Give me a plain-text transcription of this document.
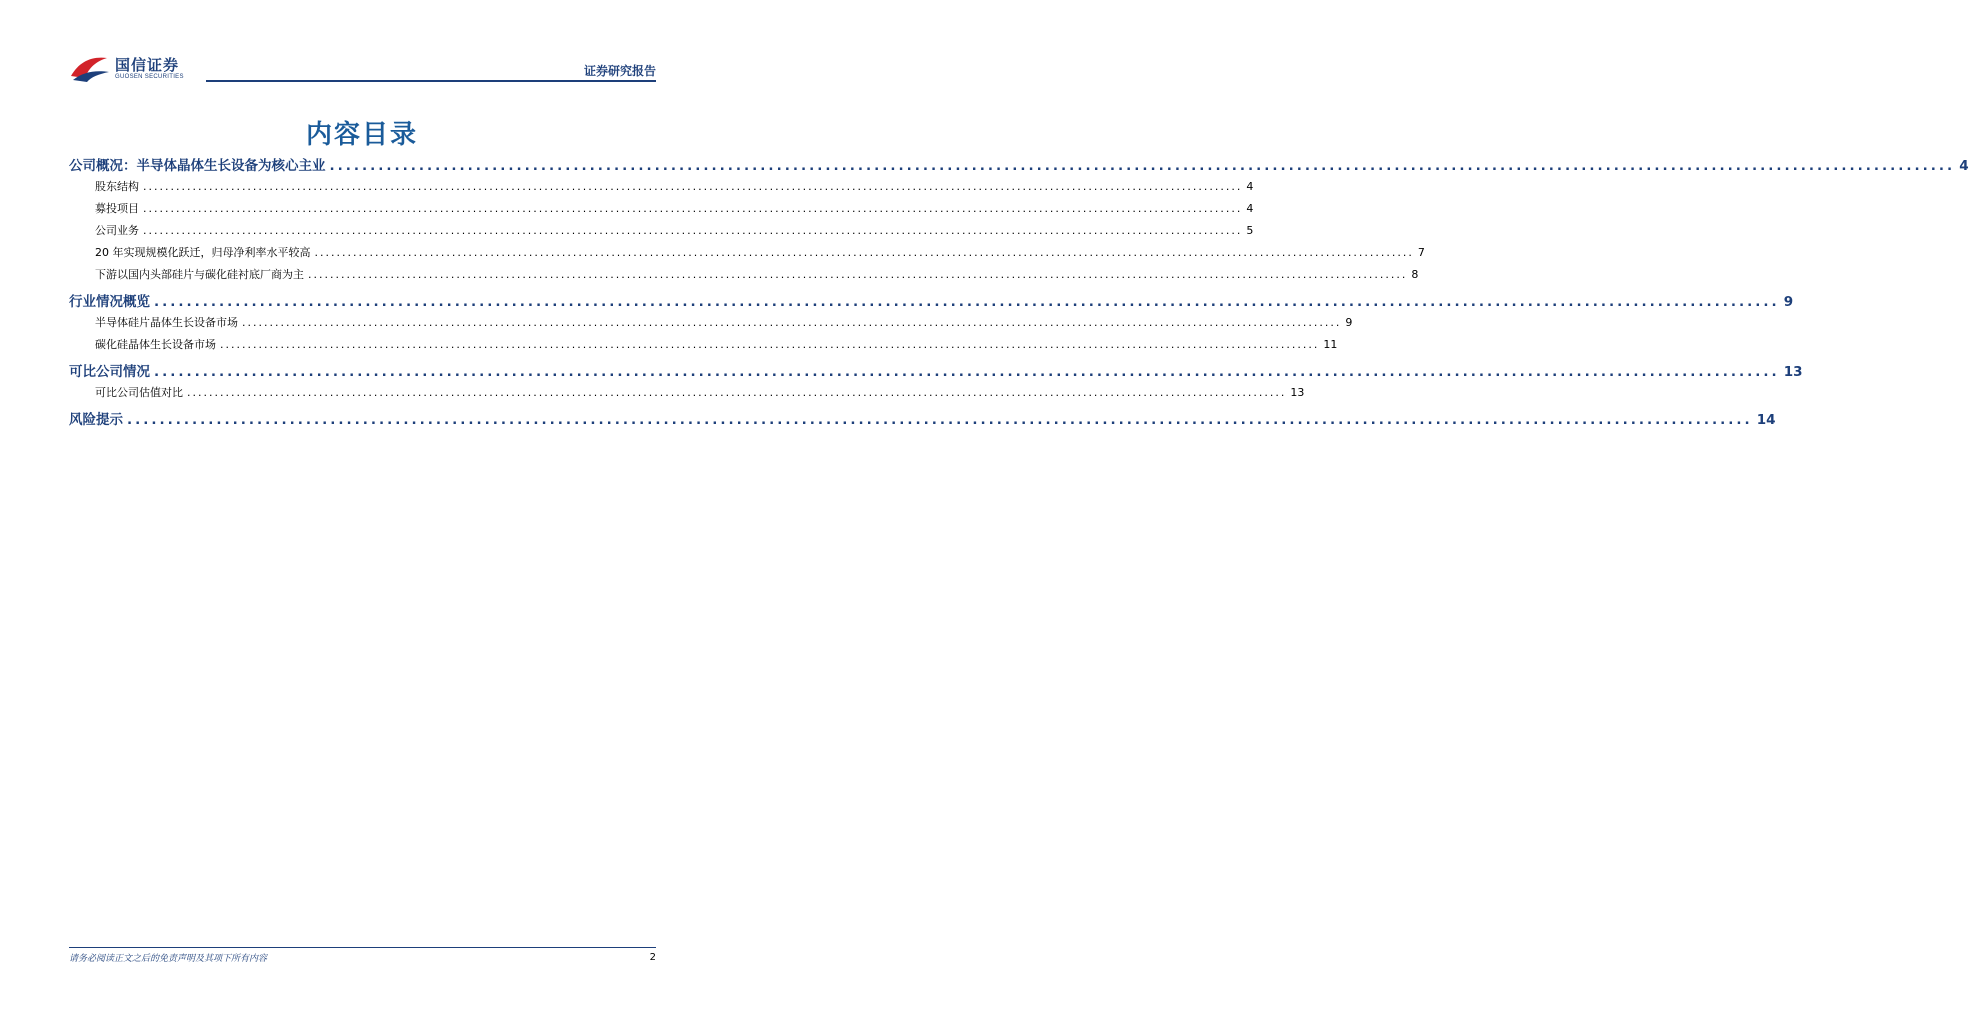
国信证券
GUOSEN SECURITIES	证券研究报告
内容目录
公司概况：半导体晶体生长设备为核心主业 ........................................................................................................................................................................................................ 4
股东结构 ........................................................................................................................................................................................................ 4
募投项目 ........................................................................................................................................................................................................ 4
公司业务 ........................................................................................................................................................................................................ 5
20 年实现规模化跃迁，归母净利率水平较高 ........................................................................................................................................................................................................ 7
下游以国内头部硅片与碳化硅衬底厂商为主 ........................................................................................................................................................................................................ 8
行业情况概览 ........................................................................................................................................................................................................ 9
半导体硅片晶体生长设备市场 ........................................................................................................................................................................................................ 9
碳化硅晶体生长设备市场 ........................................................................................................................................................................................................ 11
可比公司情况 ........................................................................................................................................................................................................ 13
可比公司估值对比 ........................................................................................................................................................................................................ 13
风险提示 ........................................................................................................................................................................................................ 14
请务必阅读正文之后的免责声明及其项下所有内容	2
